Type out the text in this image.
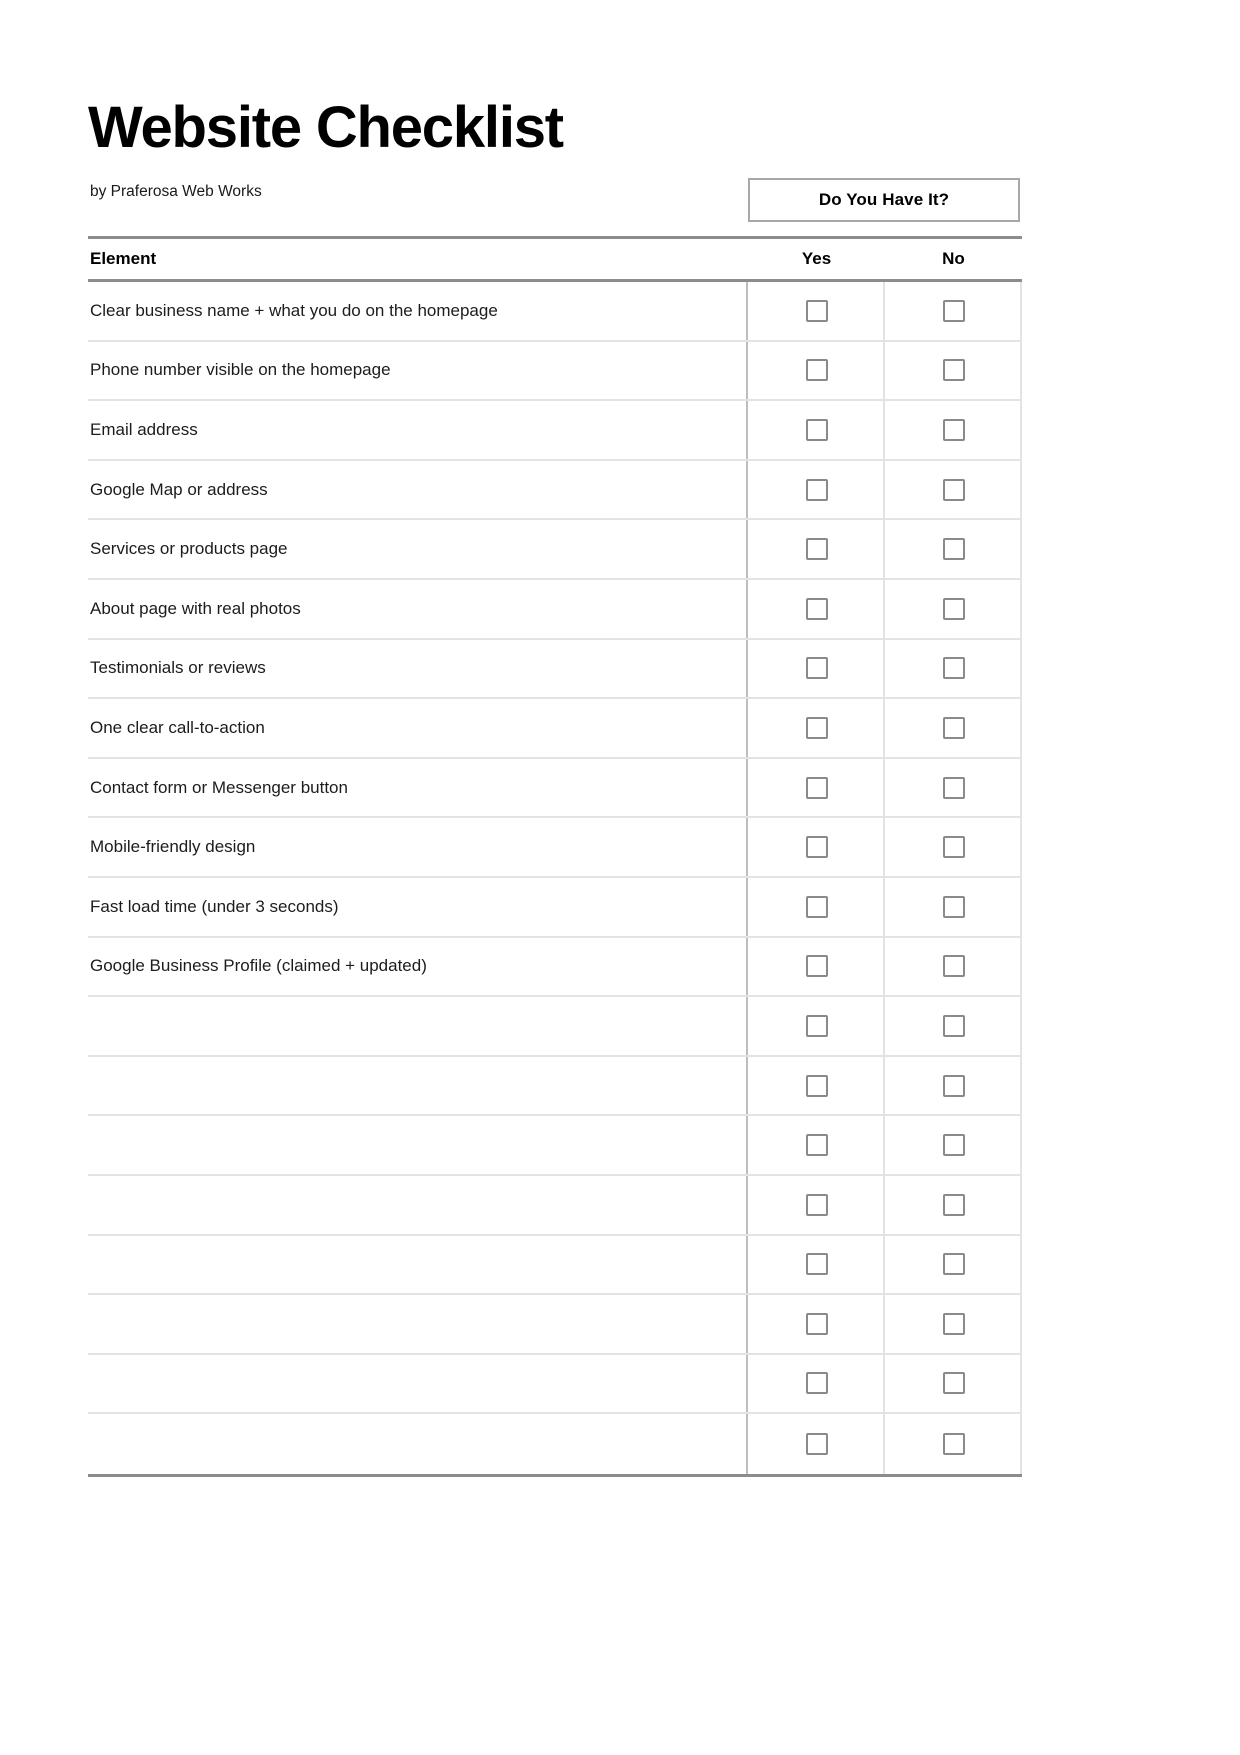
Website Checklist
by Praferosa Web Works	Do You Have It?
Element	Yes	No
Clear business name + what you do on the homepage
Phone number visible on the homepage
Email address
Google Map or address
Services or products page
About page with real photos
Testimonials or reviews
One clear call-to-action
Contact form or Messenger button
Mobile-friendly design
Fast load time (under 3 seconds)
Google Business Profile (claimed + updated)
